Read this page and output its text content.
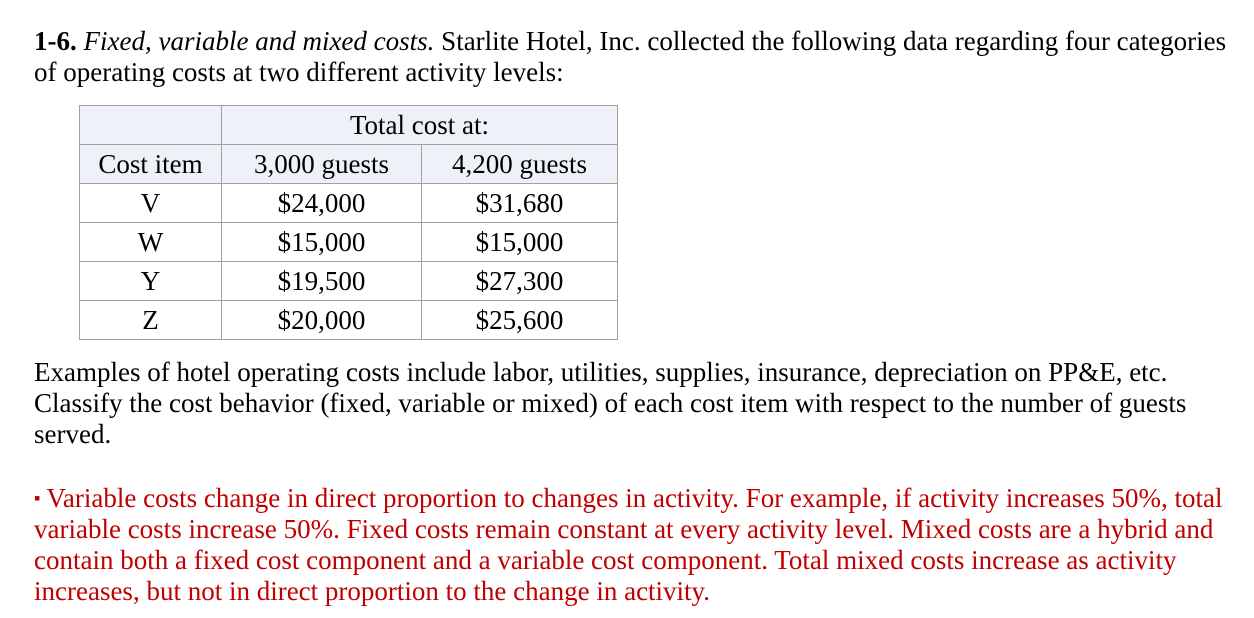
1-6. Fixed, variable and mixed costs. Starlite Hotel, Inc. collected the following data regarding four categories of operating costs at two different activity levels:
	Total cost at:	
Cost item	3,000 guests	4,200 guests
V	$24,000	$31,680
W	$15,000	$15,000
Y	$19,500	$27,300
Z	$20,000	$25,600
Examples of hotel operating costs include labor, utilities, supplies, insurance, depreciation on PP&E, etc. Classify the cost behavior (fixed, variable or mixed) of each cost item with respect to the number of guests served.
▪ Variable costs change in direct proportion to changes in activity. For example, if activity increases 50%, total variable costs increase 50%. Fixed costs remain constant at every activity level. Mixed costs are a hybrid and contain both a fixed cost component and a variable cost component. Total mixed costs increase as activity increases, but not in direct proportion to the change in activity.
